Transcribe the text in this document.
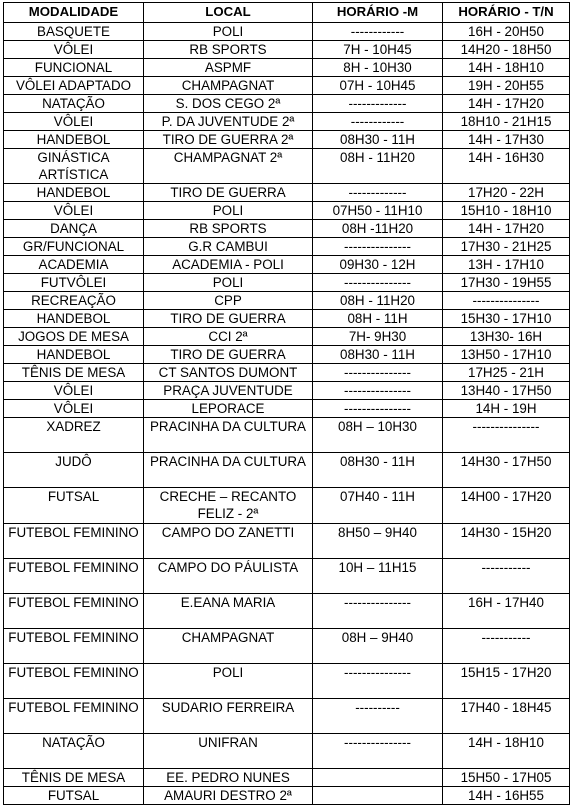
MODALIDADE	LOCAL	HORÁRIO -M	HORÁRIO - T/N
BASQUETE	POLI	------------	16H - 20H50
VÔLEI	RB SPORTS	7H - 10H45	14H20 - 18H50
FUNCIONAL	ASPMF	8H - 10H30	14H - 18H10
VÔLEI ADAPTADO	CHAMPAGNAT	07H - 10H45	19H - 20H55
NATAÇÃO	S. DOS CEGO 2ª	-------------	14H - 17H20
VÔLEI	P. DA JUVENTUDE 2ª	------------	18H10 - 21H15
HANDEBOL	TIRO DE GUERRA 2ª	08H30 - 11H	14H - 17H30
GINÁSTICA ARTÍSTICA	CHAMPAGNAT 2ª	08H - 11H20	14H - 16H30
HANDEBOL	TIRO DE GUERRA	-------------	17H20 - 22H
VÔLEI	POLI	07H50 - 11H10	15H10 - 18H10
DANÇA	RB SPORTS	08H -11H20	14H - 17H20
GR/FUNCIONAL	G.R CAMBUI	---------------	17H30 - 21H25
ACADEMIA	ACADEMIA - POLI	09H30 - 12H	13H - 17H10
FUTVÔLEI	POLI	---------------	17H30 - 19H55
RECREAÇÃO	CPP	08H - 11H20	---------------
HANDEBOL	TIRO DE GUERRA	08H - 11H	15H30 - 17H10
JOGOS DE MESA	CCI 2ª	7H- 9H30	13H30- 16H
HANDEBOL	TIRO DE GUERRA	08H30 - 11H	13H50 - 17H10
TÊNIS DE MESA	CT SANTOS DUMONT	---------------	17H25 - 21H
VÔLEI	PRAÇA JUVENTUDE	---------------	13H40 - 17H50
VÔLEI	LEPORACE	---------------	14H - 19H
XADREZ	PRACINHA DA CULTURA	08H – 10H30	---------------
JUDÔ	PRACINHA DA CULTURA	08H30 - 11H	14H30 - 17H50
FUTSAL	CRECHE – RECANTO FELIZ - 2ª	07H40 - 11H	14H00 - 17H20
FUTEBOL FEMININO	CAMPO DO ZANETTI	8H50 – 9H40	14H30 - 15H20
FUTEBOL FEMININO	CAMPO DO PÁULISTA	10H – 11H15	-----------
FUTEBOL FEMININO	E.EANA MARIA	---------------	16H - 17H40
FUTEBOL FEMININO	CHAMPAGNAT	08H – 9H40	-----------
FUTEBOL FEMININO	POLI	---------------	15H15 - 17H20
FUTEBOL FEMININO	SUDARIO FERREIRA	----------	17H40 - 18H45
NATAÇÃO	UNIFRAN	---------------	14H - 18H10
TÊNIS DE MESA	EE. PEDRO NUNES		15H50 - 17H05
FUTSAL	AMAURI DESTRO 2ª		14H - 16H55
